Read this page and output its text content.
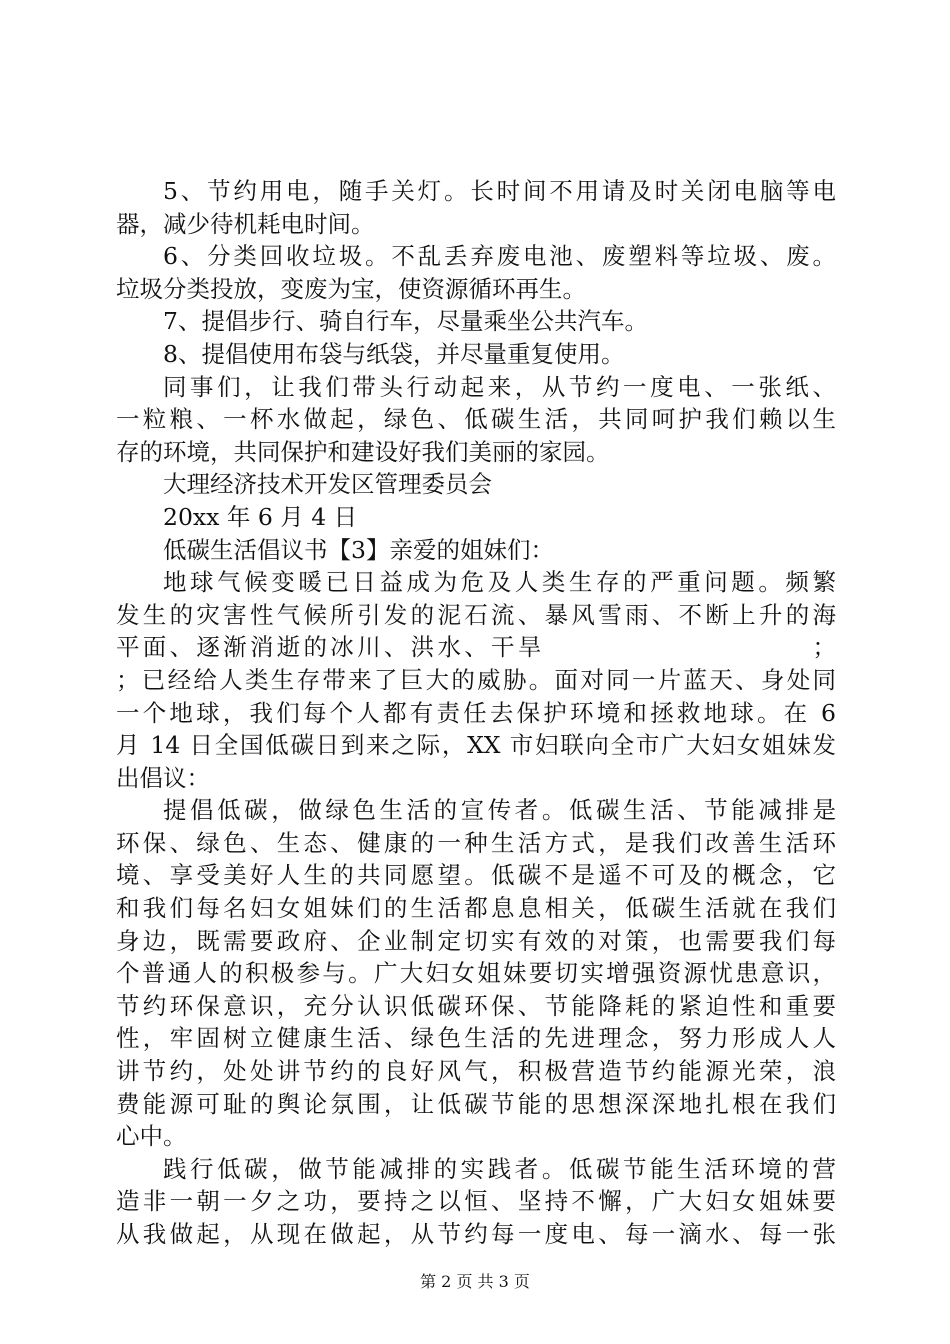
5、节约用电，随手关灯。长时间不用请及时关闭电脑等电
器，减少待机耗电时间。
6、分类回收垃圾。不乱丢弃废电池、废塑料等垃圾、废。
垃圾分类投放，变废为宝，使资源循环再生。
7、提倡步行、骑自行车，尽量乘坐公共汽车。
8、提倡使用布袋与纸袋，并尽量重复使用。
同事们，让我们带头行动起来，从节约一度电、一张纸、
一粒粮、一杯水做起，绿色、低碳生活，共同呵护我们赖以生
存的环境，共同保护和建设好我们美丽的家园。
大理经济技术开发区管理委员会
20xx 年 6 月 4 日
低碳生活倡议书【3】亲爱的姐妹们：
地球气候变暖已日益成为危及人类生存的严重问题。频繁
发生的灾害性气候所引发的泥石流、暴风雪雨、不断上升的海
平面、逐渐消逝的冰川、洪水、干旱　　　　　　　　　　；
；已经给人类生存带来了巨大的威胁。面对同一片蓝天、身处同
一个地球，我们每个人都有责任去保护环境和拯救地球。在 6
月 14 日全国低碳日到来之际，XX 市妇联向全市广大妇女姐妹发
出倡议：
提倡低碳，做绿色生活的宣传者。低碳生活、节能减排是
环保、绿色、生态、健康的一种生活方式，是我们改善生活环
境、享受美好人生的共同愿望。低碳不是遥不可及的概念，它
和我们每名妇女姐妹们的生活都息息相关，低碳生活就在我们
身边，既需要政府、企业制定切实有效的对策，也需要我们每
个普通人的积极参与。广大妇女姐妹要切实增强资源忧患意识，
节约环保意识，充分认识低碳环保、节能降耗的紧迫性和重要
性，牢固树立健康生活、绿色生活的先进理念，努力形成人人
讲节约，处处讲节约的良好风气，积极营造节约能源光荣，浪
费能源可耻的舆论氛围，让低碳节能的思想深深地扎根在我们
心中。
践行低碳，做节能减排的实践者。低碳节能生活环境的营
造非一朝一夕之功，要持之以恒、坚持不懈，广大妇女姐妹要
从我做起，从现在做起，从节约每一度电、每一滴水、每一张
第 2 页 共 3 页
